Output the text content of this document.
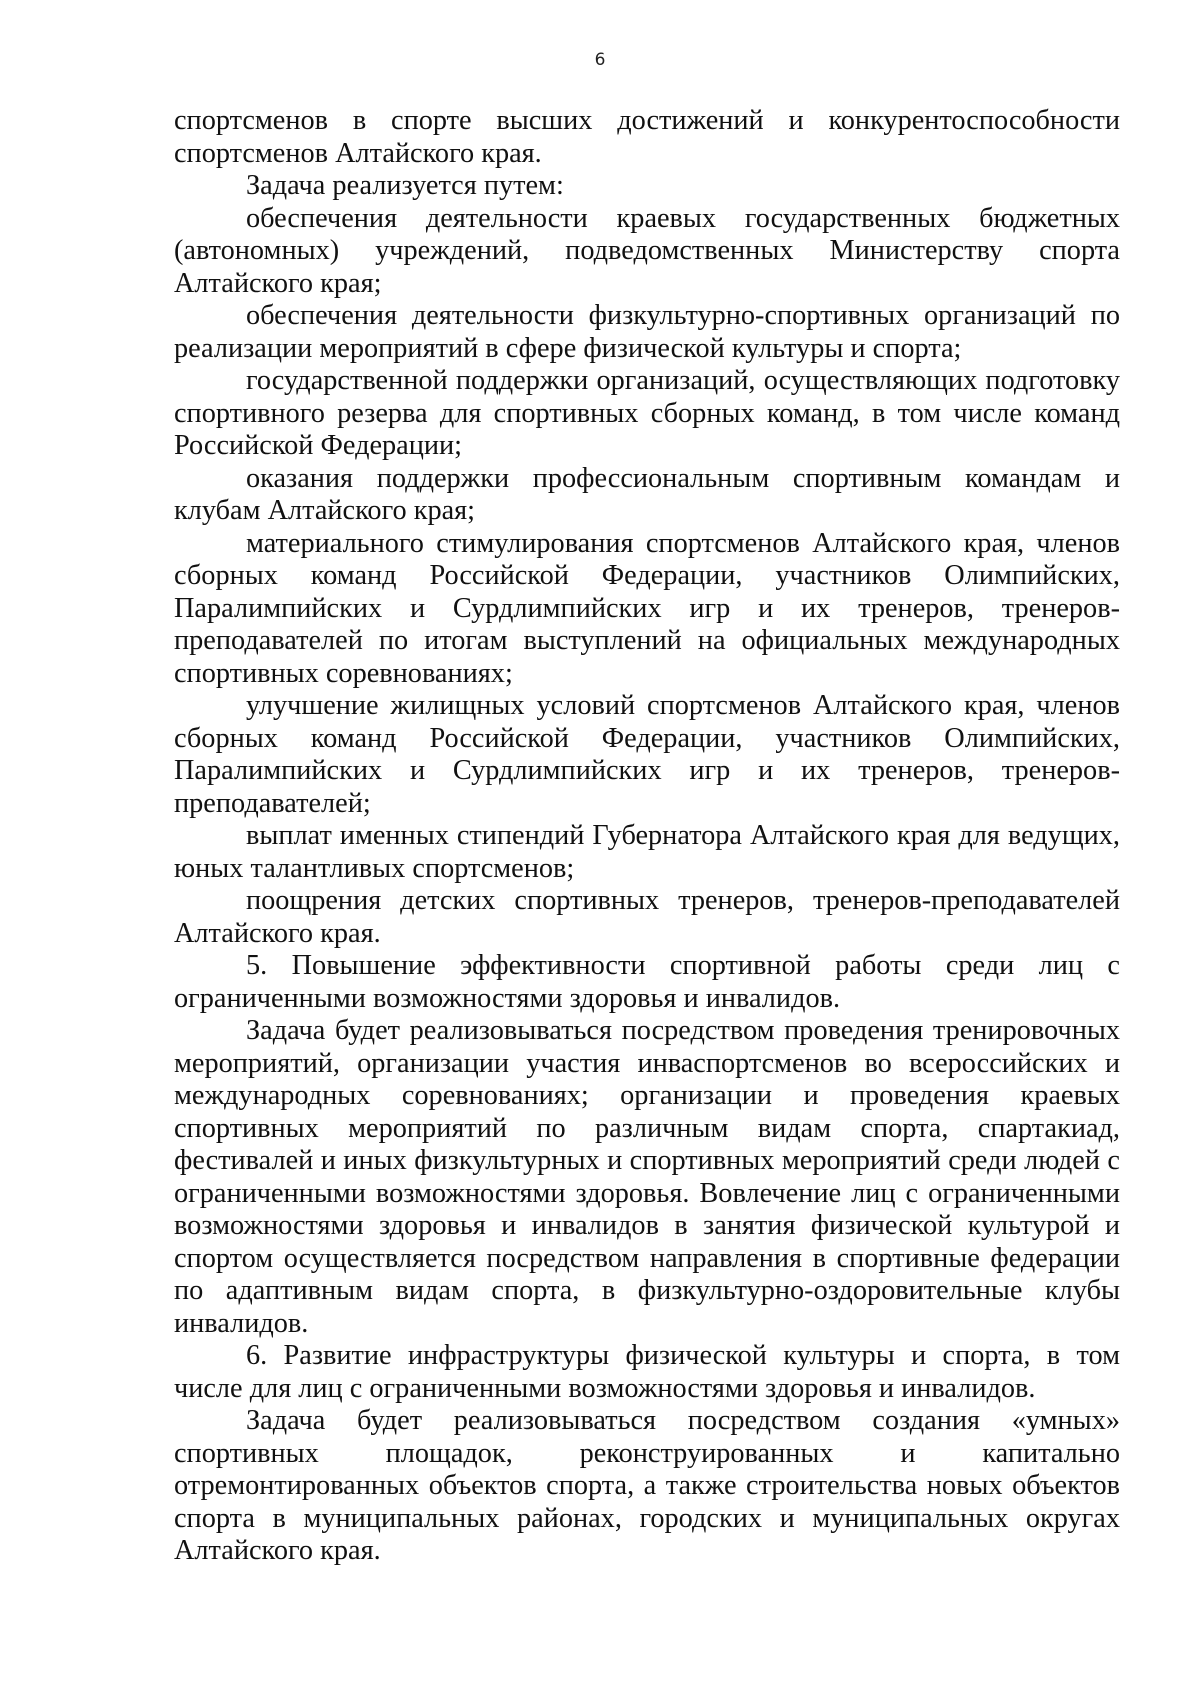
6

спортсменов в спорте высших достижений и конкурентоспособности спортсменов Алтайского края.

Задача реализуется путем:

обеспечения деятельности краевых государственных бюджетных (автономных) учреждений, подведомственных Министерству спорта Алтайского края;

обеспечения деятельности физкультурно-спортивных организаций по реализации мероприятий в сфере физической культуры и спорта;

государственной поддержки организаций, осуществляющих подготовку спортивного резерва для спортивных сборных команд, в том числе команд Российской Федерации;

оказания поддержки профессиональным спортивным командам и клубам Алтайского края;

материального стимулирования спортсменов Алтайского края, членов сборных команд Российской Федерации, участников Олимпийских, Паралимпийских и Сурдлимпийских игр и их тренеров, тренеров-преподавателей по итогам выступлений на официальных международных спортивных соревнованиях;

улучшение жилищных условий спортсменов Алтайского края, членов сборных команд Российской Федерации, участников Олимпийских, Паралимпийских и Сурдлимпийских игр и их тренеров, тренеров-преподавателей;

выплат именных стипендий Губернатора Алтайского края для ведущих, юных талантливых спортсменов;

поощрения детских спортивных тренеров, тренеров-преподавателей Алтайского края.

5. Повышение эффективности спортивной работы среди лиц с ограниченными возможностями здоровья и инвалидов.

Задача будет реализовываться посредством проведения тренировочных мероприятий, организации участия инваспортсменов во всероссийских и международных соревнованиях; организации и проведения краевых спортивных мероприятий по различным видам спорта, спартакиад, фестивалей и иных физкультурных и спортивных мероприятий среди людей с ограниченными возможностями здоровья. Вовлечение лиц с ограниченными возможностями здоровья и инвалидов в занятия физической культурой и спортом осуществляется посредством направления в спортивные федерации по адаптивным видам спорта, в физкультурно-оздоровительные клубы инвалидов.

6. Развитие инфраструктуры физической культуры и спорта, в том числе для лиц с ограниченными возможностями здоровья и инвалидов.

Задача будет реализовываться посредством создания «умных» спортивных площадок, реконструированных и капитально отремонтированных объектов спорта, а также строительства новых объектов спорта в муниципальных районах, городских и муниципальных округах Алтайского края.
